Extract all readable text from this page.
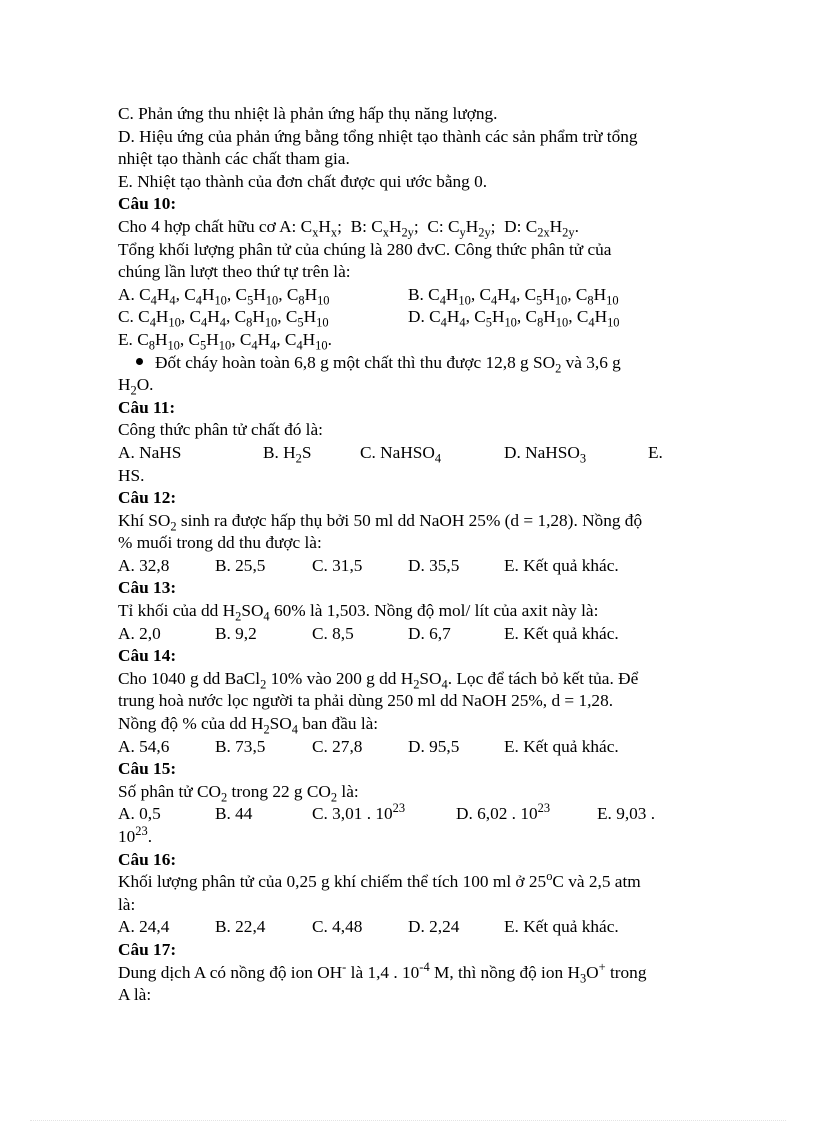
C. Phản ứng thu nhiệt là phản ứng hấp thụ năng lượng.
D. Hiệu ứng của phản ứng bằng tổng nhiệt tạo thành các sản phẩm trừ tổng
nhiệt tạo thành các chất tham gia.
E. Nhiệt tạo thành của đơn chất được qui ước bằng 0.
Câu 10:
Cho 4 hợp chất hữu cơ A: $C_xH_x$;  B: $C_xH_{2y}$;  C: $C_yH_{2y}$;  D: $C_{2x}H_{2y}$.
Tổng khối lượng phân tử của chúng là 280 đvC. Công thức phân tử của
chúng lần lượt theo thứ tự trên là:
A. $C_4H_4$, $C_4H_{10}$, $C_5H_{10}$, $C_8H_{10}$	B. $C_4H_{10}$, $C_4H_4$, $C_5H_{10}$, $C_8H_{10}$
C. $C_4H_{10}$, $C_4H_4$, $C_8H_{10}$, $C_5H_{10}$	D. $C_4H_4$, $C_5H_{10}$, $C_8H_{10}$, $C_4H_{10}$
E. $C_8H_{10}$, $C_5H_{10}$, $C_4H_4$, $C_4H_{10}$.
Đốt cháy hoàn toàn 6,8 g một chất thì thu được 12,8 g $SO_2$ và 3,6 g
$H_2O$.
Câu 11:
Công thức phân tử chất đó là:
A. NaHS	B. $H_2S$	C. NaHSO$_4$	D. NaHSO$_3$	E.
HS.
Câu 12:
Khí $SO_2$ sinh ra được hấp thụ bởi 50 ml dd NaOH 25% (d = 1,28). Nồng độ
% muối trong dd thu được là:
A. 32,8	B. 25,5	C. 31,5	D. 35,5	E. Kết quả khác.
Câu 13:
Tỉ khối của dd $H_2SO_4$ 60% là 1,503. Nồng độ mol/ lít của axit này là:
A. 2,0	B. 9,2	C. 8,5	D. 6,7	E. Kết quả khác.
Câu 14:
Cho 1040 g dd BaCl$_2$ 10% vào 200 g dd $H_2SO_4$. Lọc để tách bỏ kết tủa. Để
trung hoà nước lọc người ta phải dùng 250 ml dd NaOH 25%, d = 1,28.
Nồng độ % của dd $H_2SO_4$ ban đầu là:
A. 54,6	B. 73,5	C. 27,8	D. 95,5	E. Kết quả khác.
Câu 15:
Số phân tử $CO_2$ trong 22 g $CO_2$ là:
A. 0,5	B. 44	C. 3,01 . $10^{23}$	D. 6,02 . $10^{23}$	E. 9,03 .
$10^{23}$.
Câu 16:
Khối lượng phân tử của 0,25 g khí chiếm thể tích 100 ml ở 25$^o$C và 2,5 atm
là:
A. 24,4	B. 22,4	C. 4,48	D. 2,24	E. Kết quả khác.
Câu 17:
Dung dịch A có nồng độ ion OH- là 1,4 . $10^{-4}$ M, thì nồng độ ion $H_3O^+$ trong
A là:
